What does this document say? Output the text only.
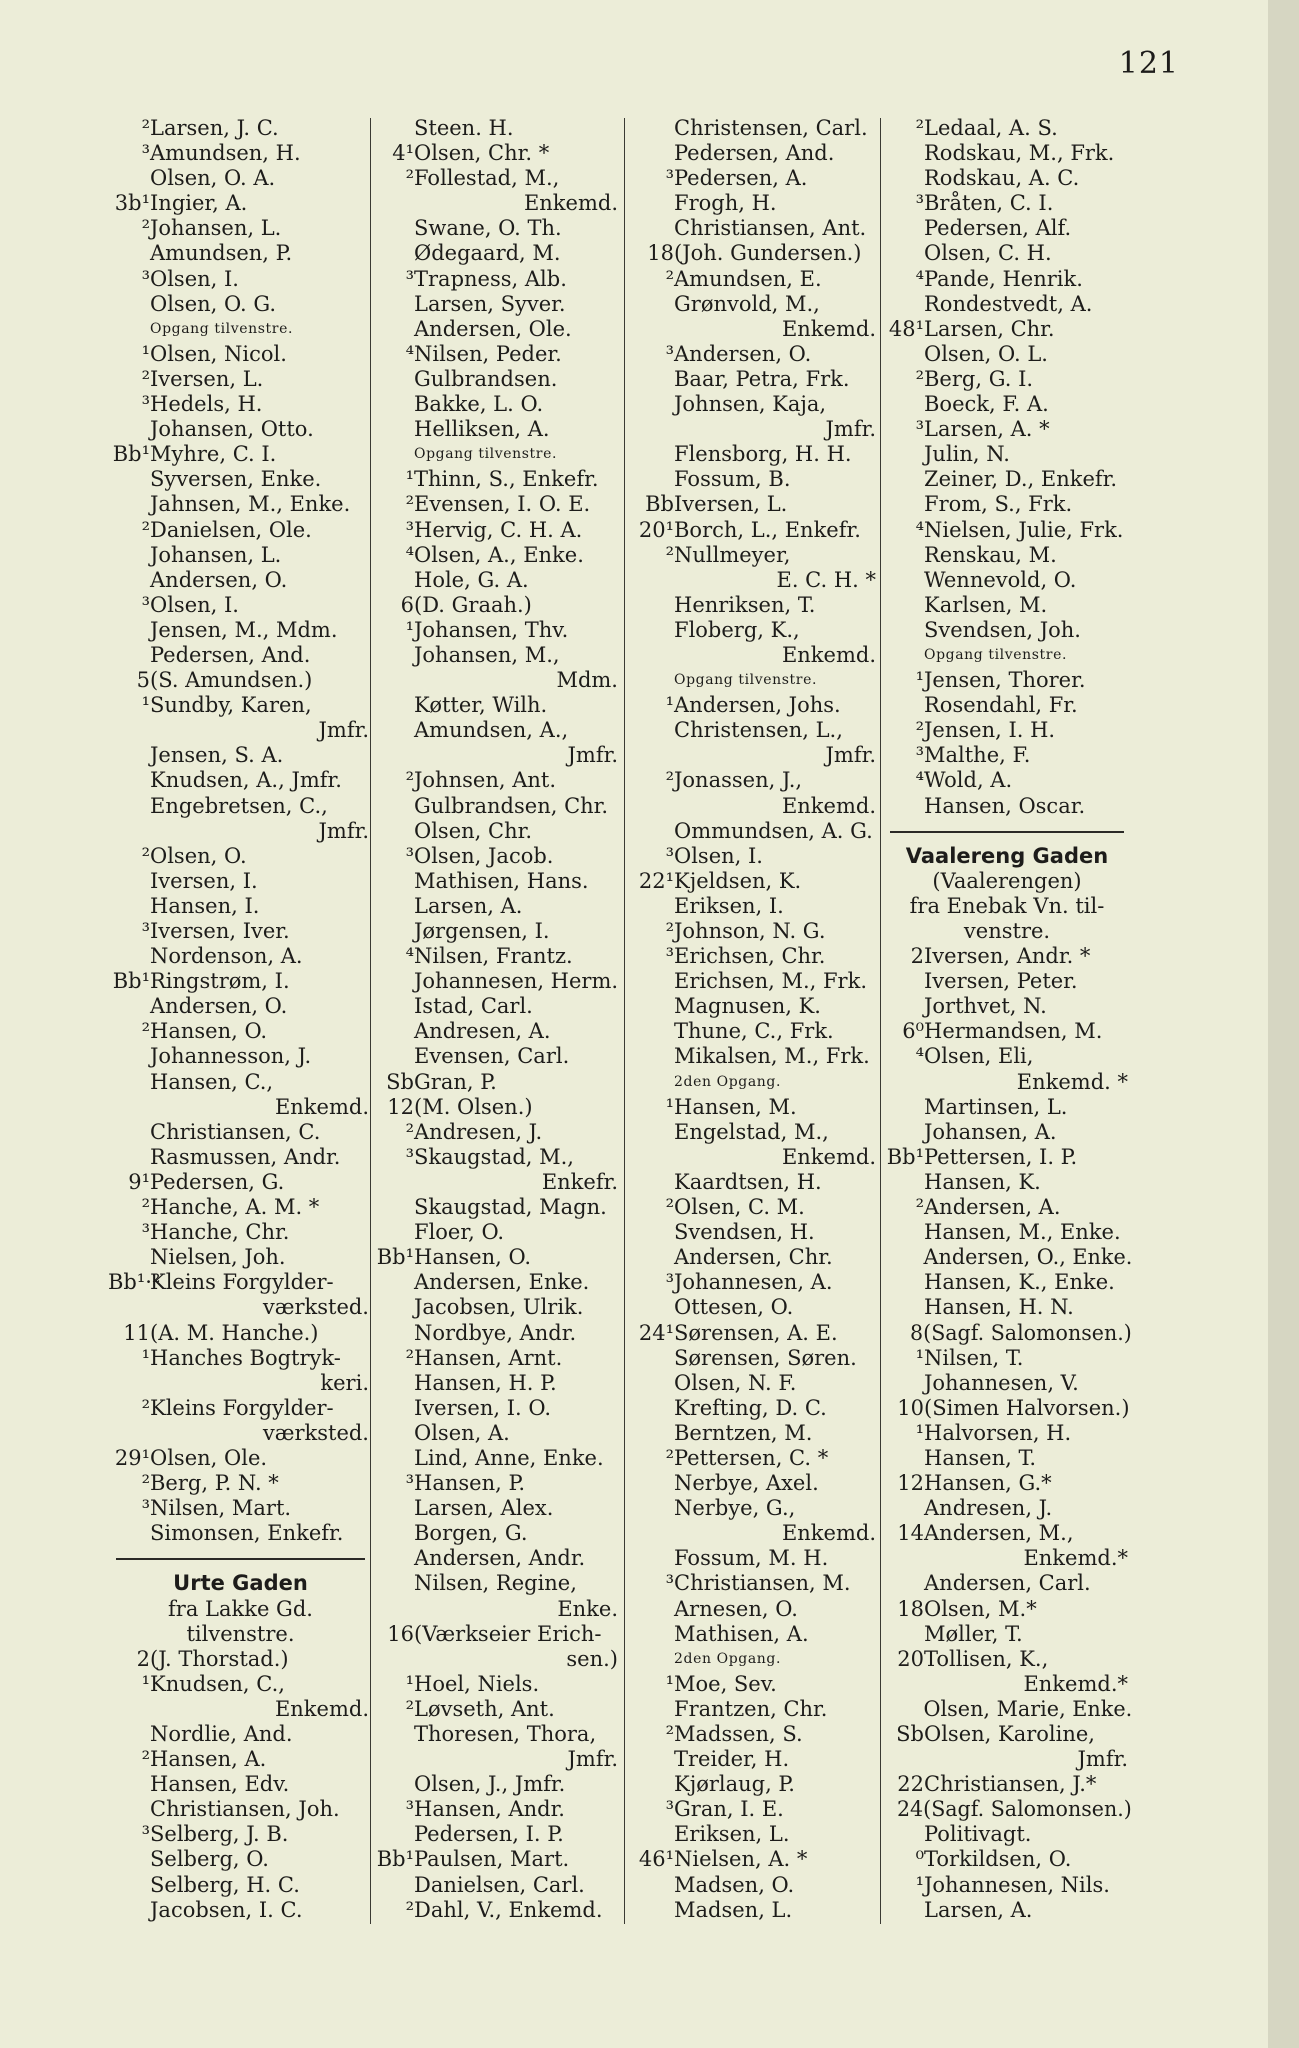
121
²Larsen, J. C.
³Amundsen, H.
Olsen, O. A.
3b¹Ingier, A.
²Johansen, L.
Amundsen, P.
³Olsen, I.
Olsen, O. G.
Opgang tilvenstre.
¹Olsen, Nicol.
²Iversen, L.
³Hedels, H.
Johansen, Otto.
Bb¹Myhre, C. I.
Syversen, Enke.
Jahnsen, M., Enke.
²Danielsen, Ole.
Johansen, L.
Andersen, O.
³Olsen, I.
Jensen, M., Mdm.
Pedersen, And.
5(S. Amundsen.)
¹Sundby, Karen,
Jmfr.
Jensen, S. A.
Knudsen, A., Jmfr.
Engebretsen, C.,
Jmfr.
²Olsen, O.
Iversen, I.
Hansen, I.
³Iversen, Iver.
Nordenson, A.
Bb¹Ringstrøm, I.
Andersen, O.
²Hansen, O.
Johannesson, J.
Hansen, C.,
Enkemd.
Christiansen, C.
Rasmussen, Andr.
9¹Pedersen, G.
²Hanche, A. M. *
³Hanche, Chr.
Nielsen, Joh.
Bb¹·²Kleins Forgylder-
værksted.
11(A. M. Hanche.)
¹Hanches Bogtryk-
keri.
²Kleins Forgylder-
værksted.
29¹Olsen, Ole.
²Berg, P. N. *
³Nilsen, Mart.
Simonsen, Enkefr.
Urte Gaden
fra Lakke Gd.
tilvenstre.
2(J. Thorstad.)
¹Knudsen, C.,
Enkemd.
Nordlie, And.
²Hansen, A.
Hansen, Edv.
Christiansen, Joh.
³Selberg, J. B.
Selberg, O.
Selberg, H. C.
Jacobsen, I. C.
Steen. H.
4¹Olsen, Chr. *
²Follestad, M.,
Enkemd.
Swane, O. Th.
Ødegaard, M.
³Trapness, Alb.
Larsen, Syver.
Andersen, Ole.
⁴Nilsen, Peder.
Gulbrandsen.
Bakke, L. O.
Helliksen, A.
Opgang tilvenstre.
¹Thinn, S., Enkefr.
²Evensen, I. O. E.
³Hervig, C. H. A.
⁴Olsen, A., Enke.
Hole, G. A.
6(D. Graah.)
¹Johansen, Thv.
Johansen, M.,
Mdm.
Køtter, Wilh.
Amundsen, A.,
Jmfr.
²Johnsen, Ant.
Gulbrandsen, Chr.
Olsen, Chr.
³Olsen, Jacob.
Mathisen, Hans.
Larsen, A.
Jørgensen, I.
⁴Nilsen, Frantz.
Johannesen, Herm.
Istad, Carl.
Andresen, A.
Evensen, Carl.
SbGran, P.
12(M. Olsen.)
²Andresen, J.
³Skaugstad, M.,
Enkefr.
Skaugstad, Magn.
Floer, O.
Bb¹Hansen, O.
Andersen, Enke.
Jacobsen, Ulrik.
Nordbye, Andr.
²Hansen, Arnt.
Hansen, H. P.
Iversen, I. O.
Olsen, A.
Lind, Anne, Enke.
³Hansen, P.
Larsen, Alex.
Borgen, G.
Andersen, Andr.
Nilsen, Regine,
Enke.
16(Værkseier Erich-
sen.)
¹Hoel, Niels.
²Løvseth, Ant.
Thoresen, Thora,
Jmfr.
Olsen, J., Jmfr.
³Hansen, Andr.
Pedersen, I. P.
Bb¹Paulsen, Mart.
Danielsen, Carl.
²Dahl, V., Enkemd.
Christensen, Carl.
Pedersen, And.
³Pedersen, A.
Frogh, H.
Christiansen, Ant.
18(Joh. Gundersen.)
²Amundsen, E.
Grønvold, M.,
Enkemd.
³Andersen, O.
Baar, Petra, Frk.
Johnsen, Kaja,
Jmfr.
Flensborg, H. H.
Fossum, B.
BbIversen, L.
20¹Borch, L., Enkefr.
²Nullmeyer,
E. C. H. *
Henriksen, T.
Floberg, K.,
Enkemd.
Opgang tilvenstre.
¹Andersen, Johs.
Christensen, L.,
Jmfr.
²Jonassen, J.,
Enkemd.
Ommundsen, A. G.
³Olsen, I.
22¹Kjeldsen, K.
Eriksen, I.
²Johnson, N. G.
³Erichsen, Chr.
Erichsen, M., Frk.
Magnusen, K.
Thune, C., Frk.
Mikalsen, M., Frk.
2den Opgang.
¹Hansen, M.
Engelstad, M.,
Enkemd.
Kaardtsen, H.
²Olsen, C. M.
Svendsen, H.
Andersen, Chr.
³Johannesen, A.
Ottesen, O.
24¹Sørensen, A. E.
Sørensen, Søren.
Olsen, N. F.
Krefting, D. C.
Berntzen, M.
²Pettersen, C. *
Nerbye, Axel.
Nerbye, G.,
Enkemd.
Fossum, M. H.
³Christiansen, M.
Arnesen, O.
Mathisen, A.
2den Opgang.
¹Moe, Sev.
Frantzen, Chr.
²Madssen, S.
Treider, H.
Kjørlaug, P.
³Gran, I. E.
Eriksen, L.
46¹Nielsen, A. *
Madsen, O.
Madsen, L.
²Ledaal, A. S.
Rodskau, M., Frk.
Rodskau, A. C.
³Bråten, C. I.
Pedersen, Alf.
Olsen, C. H.
⁴Pande, Henrik.
Rondestvedt, A.
48¹Larsen, Chr.
Olsen, O. L.
²Berg, G. I.
Boeck, F. A.
³Larsen, A. *
Julin, N.
Zeiner, D., Enkefr.
From, S., Frk.
⁴Nielsen, Julie, Frk.
Renskau, M.
Wennevold, O.
Karlsen, M.
Svendsen, Joh.
Opgang tilvenstre.
¹Jensen, Thorer.
Rosendahl, Fr.
²Jensen, I. H.
³Malthe, F.
⁴Wold, A.
Hansen, Oscar.
Vaalereng Gaden
(Vaalerengen)
fra Enebak Vn. til-
venstre.
2Iversen, Andr. *
Iversen, Peter.
Jorthvet, N.
6⁰Hermandsen, M.
⁴Olsen, Eli,
Enkemd. *
Martinsen, L.
Johansen, A.
Bb¹Pettersen, I. P.
Hansen, K.
²Andersen, A.
Hansen, M., Enke.
Andersen, O., Enke.
Hansen, K., Enke.
Hansen, H. N.
8(Sagf. Salomonsen.)
¹Nilsen, T.
Johannesen, V.
10(Simen Halvorsen.)
¹Halvorsen, H.
Hansen, T.
12Hansen, G.*
Andresen, J.
14Andersen, M.,
Enkemd.*
Andersen, Carl.
18Olsen, M.*
Møller, T.
20Tollisen, K.,
Enkemd.*
Olsen, Marie, Enke.
SbOlsen, Karoline,
Jmfr.
22Christiansen, J.*
24(Sagf. Salomonsen.)
Politivagt.
⁰Torkildsen, O.
¹Johannesen, Nils.
Larsen, A.
